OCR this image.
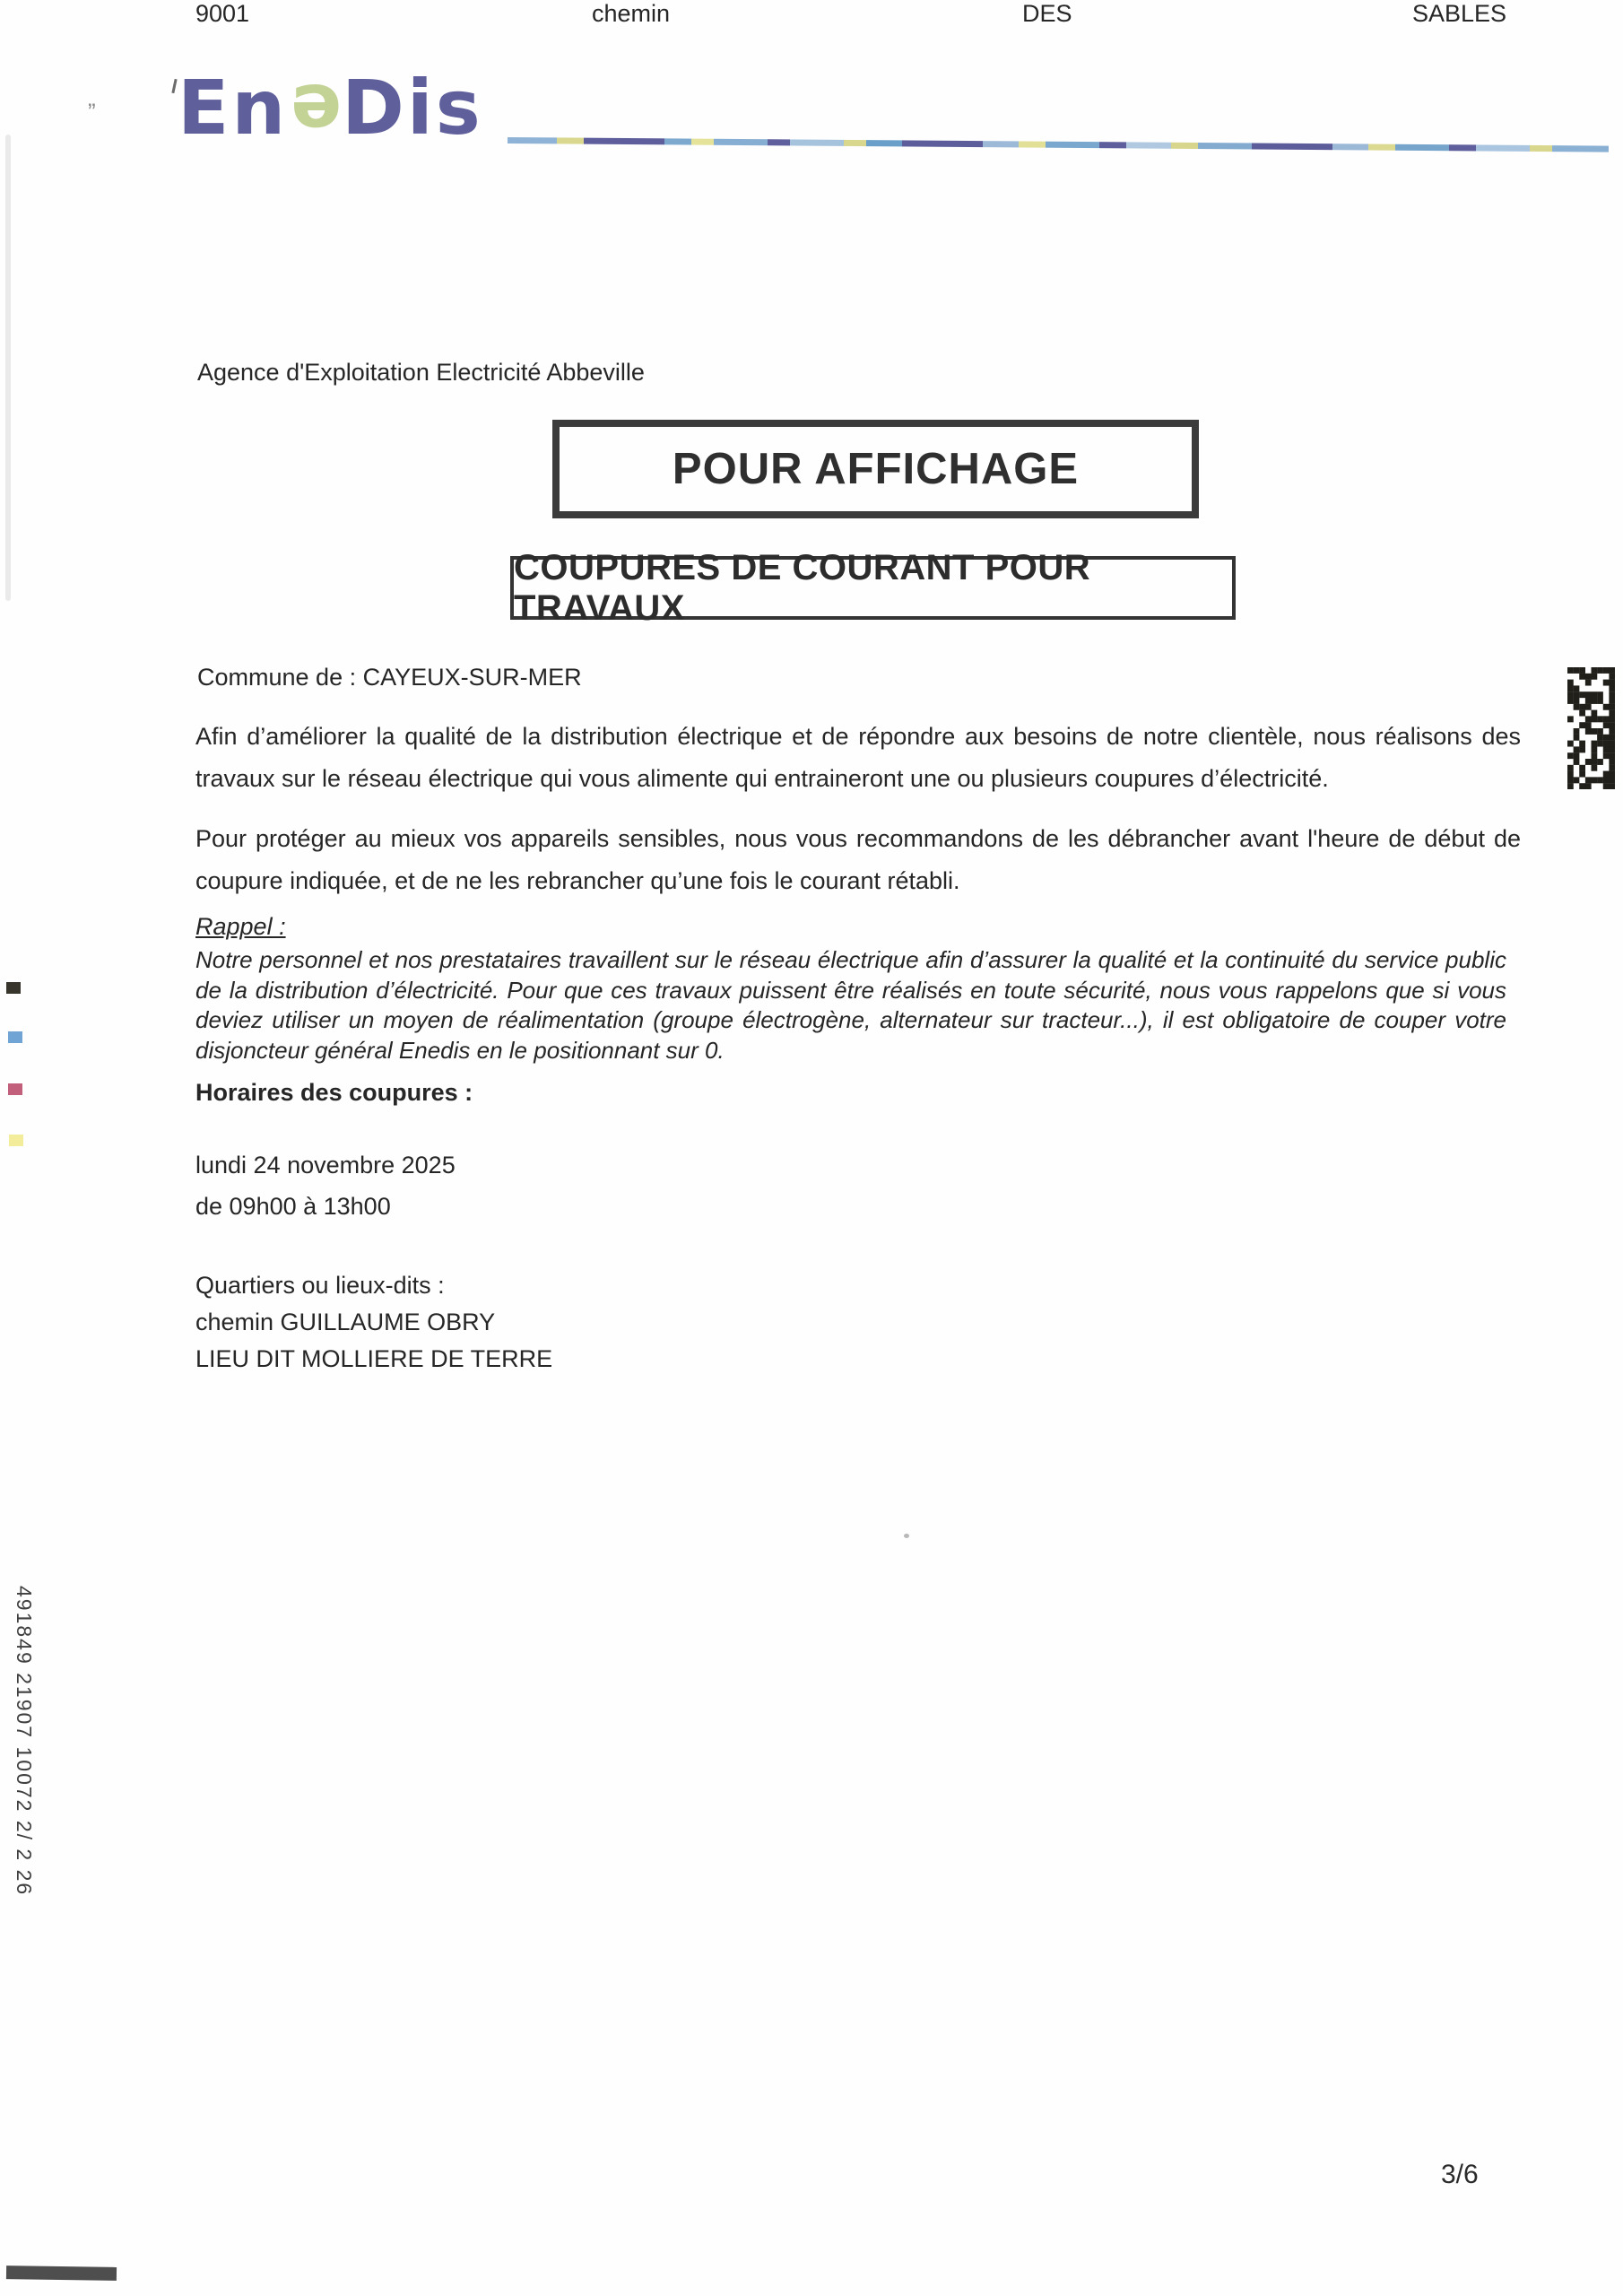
„ EneDis
491849 21907 10072 2/ 2 26
Agence d'Exploitation Electricité Abbeville
POUR AFFICHAGE
COUPURES DE COURANT POUR TRAVAUX
Commune de : CAYEUX-SUR-MER
Afin d’améliorer la qualité de la distribution électrique et de répondre aux besoins de notre clientèle, nous réalisons des travaux sur le réseau électrique qui vous alimente qui entraineront une ou plusieurs coupures d’électricité.
Pour protéger au mieux vos appareils sensibles, nous vous recommandons de les débrancher avant l'heure de début de coupure indiquée, et de ne les rebrancher qu’une fois le courant rétabli.
Rappel :
Notre personnel et nos prestataires travaillent sur le réseau électrique afin d’assurer la qualité et la continuité du service public de la distribution d’électricité. Pour que ces travaux puissent être réalisés en toute sécurité, nous vous rappelons que si vous deviez utiliser un moyen de réalimentation (groupe électrogène, alternateur sur tracteur...), il est obligatoire de couper votre disjoncteur général Enedis en le positionnant sur 0.
Horaires des coupures :
lundi 24 novembre 2025
de 09h00 à 13h00
Quartiers ou lieux-dits :
chemin GUILLAUME OBRY
LIEU DIT MOLLIERE DE TERRE
9001	chemin	DES	SABLES
3/6
